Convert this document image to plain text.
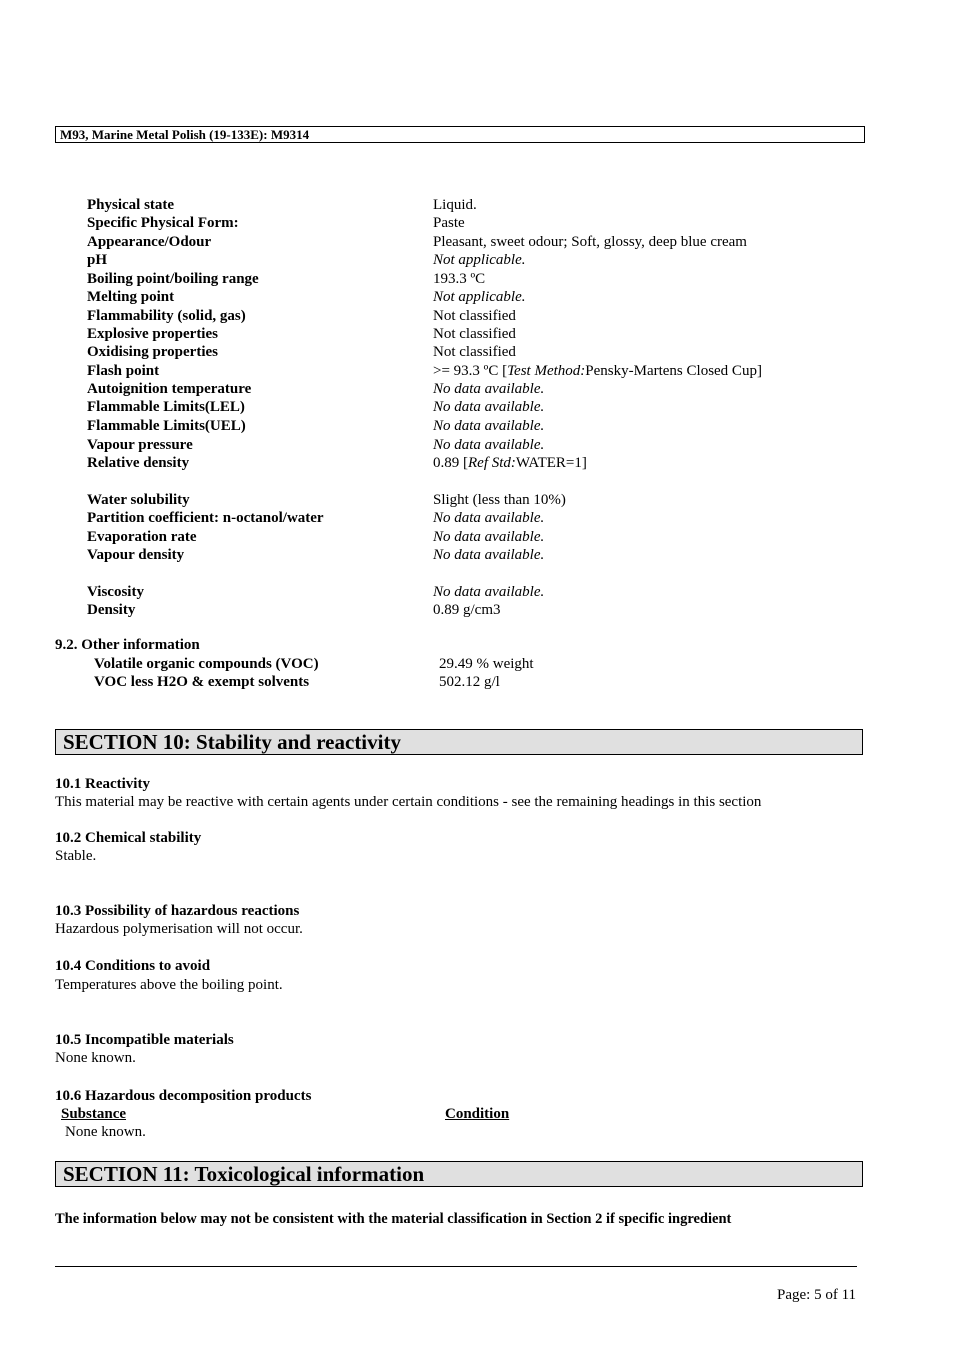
M93, Marine Metal Polish (19-133E): M9314
Physical state	Liquid.
Specific Physical Form:	Paste
Appearance/Odour	Pleasant, sweet odour; Soft, glossy, deep blue cream
pH	Not applicable.
Boiling point/boiling range	193.3 ºC
Melting point	Not applicable.
Flammability (solid, gas)	Not classified
Explosive properties	Not classified
Oxidising properties	Not classified
Flash point	>= 93.3 ºC [Test Method:Pensky-Martens Closed Cup]
Autoignition temperature	No data available.
Flammable Limits(LEL)	No data available.
Flammable Limits(UEL)	No data available.
Vapour pressure	No data available.
Relative density	0.89 [Ref Std:WATER=1]
Water solubility	Slight (less than 10%)
Partition coefficient: n-octanol/water	No data available.
Evaporation rate	No data available.
Vapour density	No data available.
Viscosity	No data available.
Density	0.89 g/cm3
9.2. Other information
Volatile organic compounds (VOC)	29.49 % weight
VOC less H2O & exempt solvents	502.12 g/l
SECTION 10: Stability and reactivity
10.1 Reactivity
This material may be reactive with certain agents under certain conditions - see the remaining headings in this section
10.2 Chemical stability
Stable.
10.3 Possibility of hazardous reactions
Hazardous polymerisation will not occur.
10.4 Conditions to avoid
Temperatures above the boiling point.
10.5 Incompatible materials
None known.
10.6 Hazardous decomposition products
Substance	Condition
None known.
SECTION 11: Toxicological information
The information below may not be consistent with the material classification in Section 2 if specific ingredient
Page: 5 of 11
